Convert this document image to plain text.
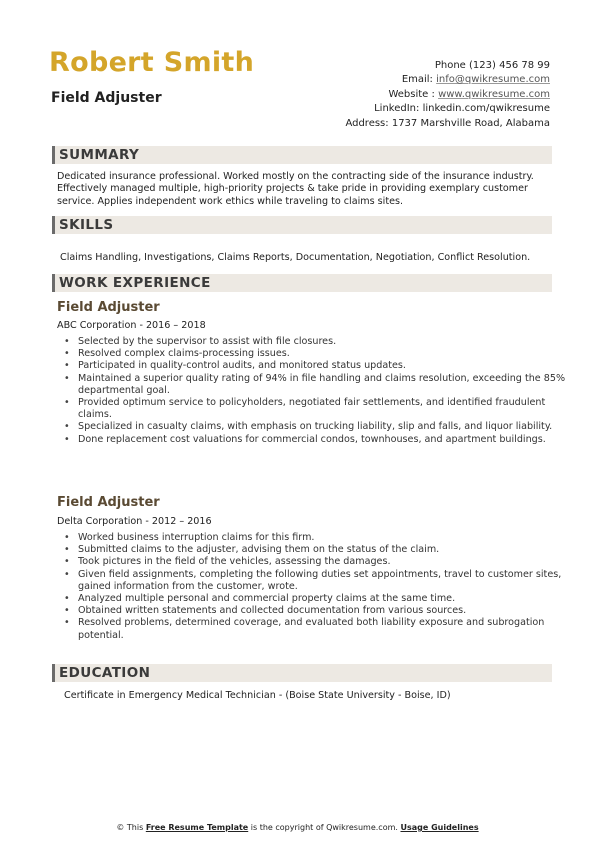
Robert Smith
Field Adjuster
Phone (123) 456 78 99
Email: info@qwikresume.com
Website : www.qwikresume.com
LinkedIn: linkedin.com/qwikresume
Address: 1737 Marshville Road, Alabama
SUMMARY
Dedicated insurance professional. Worked mostly on the contracting side of the insurance industry. Effectively managed multiple, high-priority projects & take pride in providing exemplary customer service. Applies independent work ethics while traveling to claims sites.
SKILLS
Claims Handling, Investigations, Claims Reports, Documentation, Negotiation, Conflict Resolution.
WORK EXPERIENCE
Field Adjuster
ABC Corporation - 2016 – 2018
• Selected by the supervisor to assist with file closures.
• Resolved complex claims-processing issues.
• Participated in quality-control audits, and monitored status updates.
• Maintained a superior quality rating of 94% in file handling and claims resolution, exceeding the 85% departmental goal.
• Provided optimum service to policyholders, negotiated fair settlements, and identified fraudulent claims.
• Specialized in casualty claims, with emphasis on trucking liability, slip and falls, and liquor liability.
• Done replacement cost valuations for commercial condos, townhouses, and apartment buildings.
Field Adjuster
Delta Corporation - 2012 – 2016
• Worked business interruption claims for this firm.
• Submitted claims to the adjuster, advising them on the status of the claim.
• Took pictures in the field of the vehicles, assessing the damages.
• Given field assignments, completing the following duties set appointments, travel to customer sites, gained information from the customer, wrote.
• Analyzed multiple personal and commercial property claims at the same time.
• Obtained written statements and collected documentation from various sources.
• Resolved problems, determined coverage, and evaluated both liability exposure and subrogation potential.
EDUCATION
Certificate in Emergency Medical Technician - (Boise State University - Boise, ID)
© This Free Resume Template is the copyright of Qwikresume.com. Usage Guidelines
